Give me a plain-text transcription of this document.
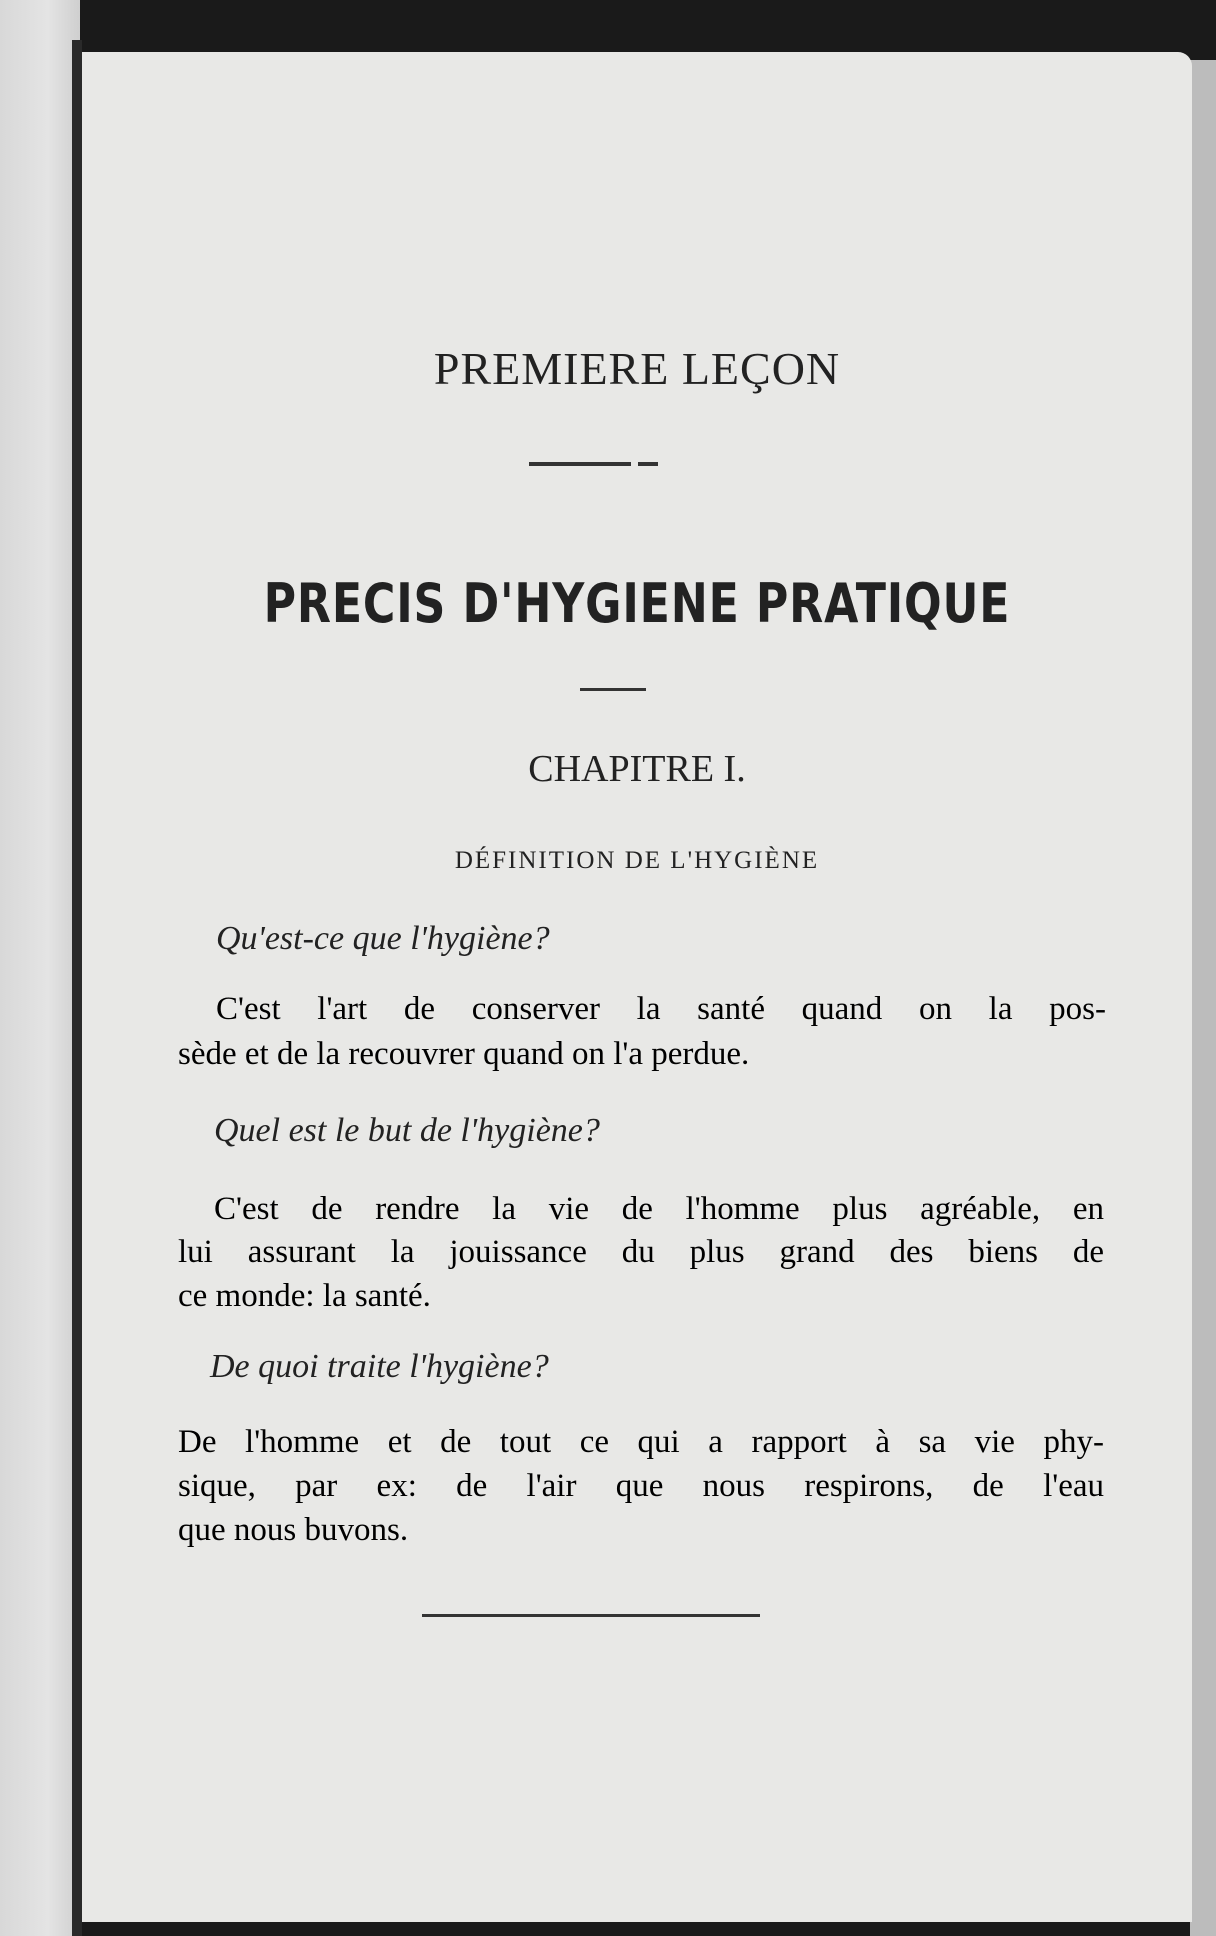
PREMIERE LEÇON
PRECIS D'HYGIENE PRATIQUE
CHAPITRE I.
DÉFINITION DE L'HYGIÈNE
Qu'est-ce que l'hygiène?
C'est l'art de conserver la santé quand on la pos-
sède et de la recouvrer quand on l'a perdue.
Quel est le but de l'hygiène?
C'est de rendre la vie de l'homme plus agréable, en
lui assurant la jouissance du plus grand des biens de
ce monde: la santé.
De quoi traite l'hygiène?
De l'homme et de tout ce qui a rapport à sa vie phy-
sique, par ex: de l'air que nous respirons, de l'eau
que nous buvons.
